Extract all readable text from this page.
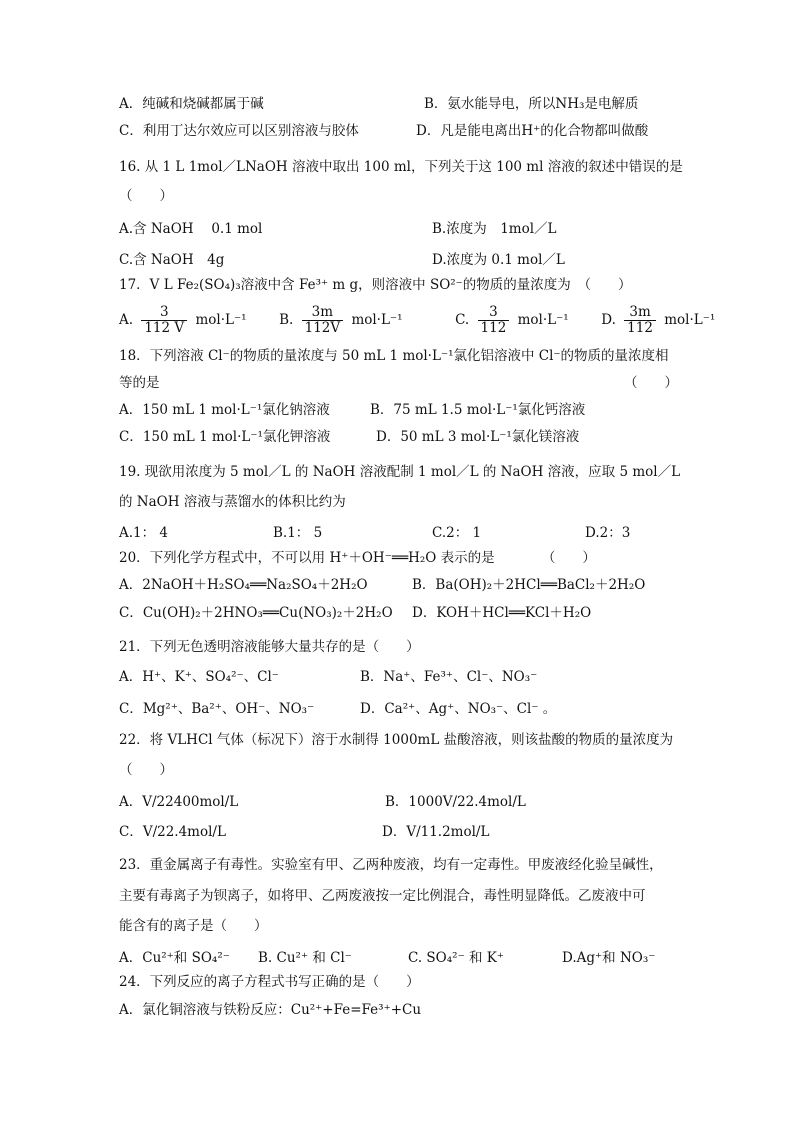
A．纯碱和烧碱都属于碱	B．氨水能导电，所以NH₃是电解质
C．利用丁达尔效应可以区别溶液与胶体	D．凡是能电离出H⁺的化合物都叫做酸
16. 从 1 L 1mol／LNaOH 溶液中取出 100 ml，下列关于这 100 ml 溶液的叙述中错误的是
（　　）
A.含 NaOH　 0.1 mol	B.浓度为　1mol／L
C.含 NaOH　4g	D.浓度为 0.1 mol／L
17．V L Fe₂(SO₄)₃溶液中含 Fe³⁺ m g，则溶液中 SO²⁻的物质的量浓度为　（　　）
A. $\frac{3}{112 V} mol\cdot L^{-1}$ B. $\frac{3m}{112V} mol\cdot L^{-1}$	C. $\frac{3}{112} mol\cdot L^{-1}$ D. $\frac{3m}{112} mol\cdot L^{-1}$
18．下列溶液 Cl⁻的物质的量浓度与 50 mL 1 mol·L⁻¹氯化铝溶液中 Cl⁻的物质的量浓度相
等的是	（　　）
A．150 mL 1 mol·L⁻¹氯化钠溶液	B．75 mL 1.5 mol·L⁻¹氯化钙溶液
C．150 mL 1 mol·L⁻¹氯化钾溶液	D．50 mL 3 mol·L⁻¹氯化镁溶液
19. 现欲用浓度为 5 mol／L 的 NaOH 溶液配制 1 mol／L 的 NaOH 溶液，应取 5 mol／L
的 NaOH 溶液与蒸馏水的体积比约为
A.1： 4	B.1： 5	C.2： 1	D.2：3
20．下列化学方程式中，不可以用 H⁺＋OH⁻══H₂O 表示的是　　　　（　　）
A．2NaOH＋H₂SO₄══Na₂SO₄＋2H₂O	B．Ba(OH)₂＋2HCl══BaCl₂＋2H₂O
C．Cu(OH)₂＋2HNO₃══Cu(NO₃)₂＋2H₂O D．KOH＋HCl══KCl＋H₂O
21．下列无色透明溶液能够大量共存的是（　　）
A．H⁺、K⁺、SO₄²⁻、Cl⁻	B．Na⁺、Fe³⁺、Cl⁻、NO₃⁻
C．Mg²⁺、Ba²⁺、OH⁻、NO₃⁻	D．Ca²⁺、Ag⁺、NO₃⁻、Cl⁻ 。
22．将 VLHCl 气体（标况下）溶于水制得 1000mL 盐酸溶液，则该盐酸的物质的量浓度为
（　　）
A．V/22400mol/L	B．1000V/22.4mol/L
C．V/22.4mol/L	D．V/11.2mol/L
23．重金属离子有毒性。实验室有甲、乙两种废液，均有一定毒性。甲废液经化验呈碱性，
主要有毒离子为钡离子，如将甲、乙两废液按一定比例混合，毒性明显降低。乙废液中可
能含有的离子是（　　）
A．Cu²⁺和 SO₄²⁻ B. Cu²⁺ 和 Cl⁻	C. SO₄²⁻ 和 K⁺	D.Ag⁺和 NO₃⁻
24．下列反应的离子方程式书写正确的是（　　）
A．氯化铜溶液与铁粉反应：Cu²⁺+Fe=Fe³⁺+Cu
